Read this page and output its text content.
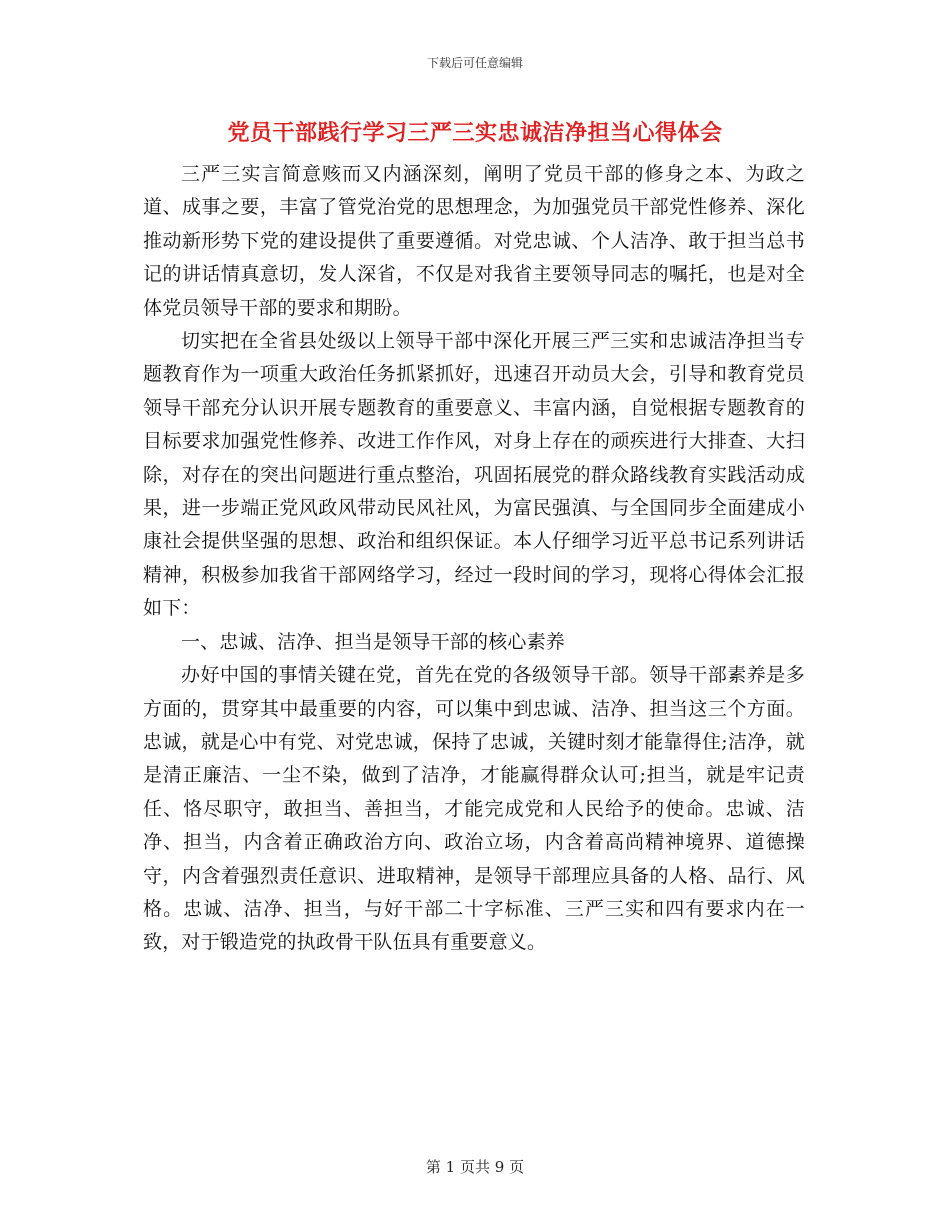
下载后可任意编辑
党员干部践行学习三严三实忠诚洁净担当心得体会

三严三实言简意赅而又内涵深刻，阐明了党员干部的修身之本、为政之道、成事之要，丰富了管党治党的思想理念，为加强党员干部党性修养、深化推动新形势下党的建设提供了重要遵循。对党忠诚、个人洁净、敢于担当总书记的讲话情真意切，发人深省，不仅是对我省主要领导同志的嘱托，也是对全体党员领导干部的要求和期盼。

切实把在全省县处级以上领导干部中深化开展三严三实和忠诚洁净担当专题教育作为一项重大政治任务抓紧抓好，迅速召开动员大会，引导和教育党员领导干部充分认识开展专题教育的重要意义、丰富内涵，自觉根据专题教育的目标要求加强党性修养、改进工作作风，对身上存在的顽疾进行大排查、大扫除，对存在的突出问题进行重点整治，巩固拓展党的群众路线教育实践活动成果，进一步端正党风政风带动民风社风，为富民强滇、与全国同步全面建成小康社会提供坚强的思想、政治和组织保证。本人仔细学习近平总书记系列讲话精神，积极参加我省干部网络学习，经过一段时间的学习，现将心得体会汇报如下：

一、忠诚、洁净、担当是领导干部的核心素养

办好中国的事情关键在党，首先在党的各级领导干部。领导干部素养是多方面的，贯穿其中最重要的内容，可以集中到忠诚、洁净、担当这三个方面。忠诚，就是心中有党、对党忠诚，保持了忠诚，关键时刻才能靠得住;洁净，就是清正廉洁、一尘不染，做到了洁净，才能赢得群众认可;担当，就是牢记责任、恪尽职守，敢担当、善担当，才能完成党和人民给予的使命。忠诚、洁净、担当，内含着正确政治方向、政治立场，内含着高尚精神境界、道德操守，内含着强烈责任意识、进取精神，是领导干部理应具备的人格、品行、风格。忠诚、洁净、担当，与好干部二十字标准、三严三实和四有要求内在一致，对于锻造党的执政骨干队伍具有重要意义。

第 1 页共 9 页
